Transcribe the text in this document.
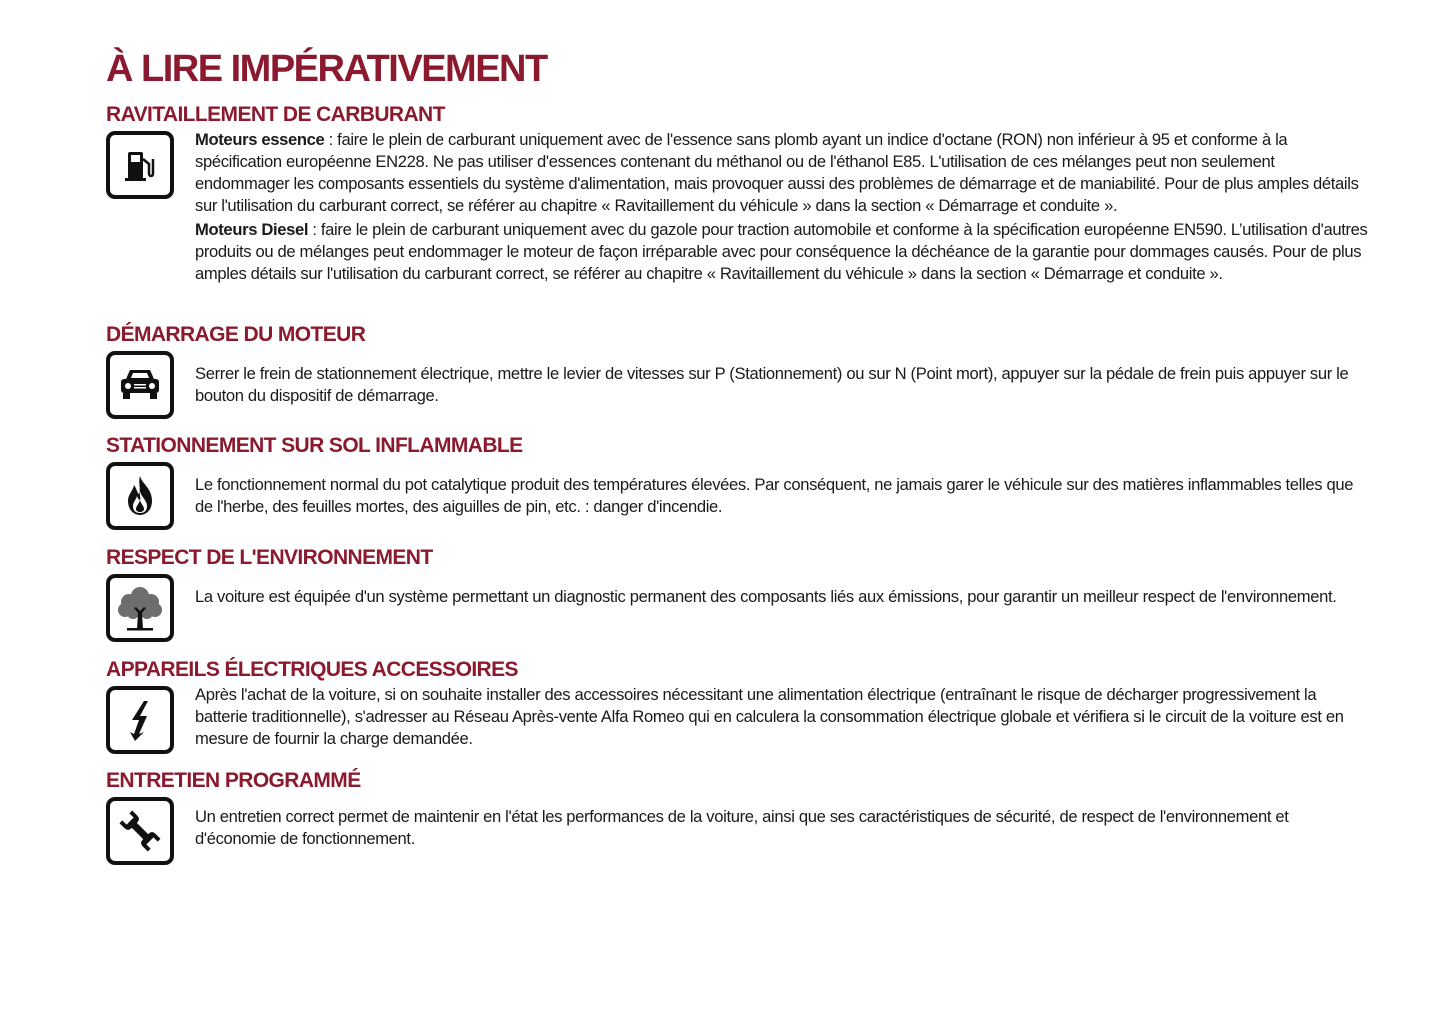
À LIRE IMPÉRATIVEMENT
RAVITAILLEMENT DE CARBURANT

Moteurs essence : faire le plein de carburant uniquement avec de l'essence sans plomb ayant un indice d'octane (RON) non inférieur à 95 et conforme à la spécification européenne EN228. Ne pas utiliser d'essences contenant du méthanol ou de l'éthanol E85. L'utilisation de ces mélanges peut non seulement endommager les composants essentiels du système d'alimentation, mais provoquer aussi des problèmes de démarrage et de maniabilité. Pour de plus amples détails sur l'utilisation du carburant correct, se référer au chapitre « Ravitaillement du véhicule » dans la section « Démarrage et conduite ».

Moteurs Diesel : faire le plein de carburant uniquement avec du gazole pour traction automobile et conforme à la spécification européenne EN590. L’utilisation d'autres produits ou de mélanges peut endommager le moteur de façon irréparable avec pour conséquence la déchéance de la garantie pour dommages causés. Pour de plus amples détails sur l'utilisation du carburant correct, se référer au chapitre « Ravitaillement du véhicule » dans la section « Démarrage et conduite ».

DÉMARRAGE DU MOTEUR
Serrer le frein de stationnement électrique, mettre le levier de vitesses sur P (Stationnement) ou sur N (Point mort), appuyer sur la pédale de frein puis appuyer sur le bouton du dispositif de démarrage.
STATIONNEMENT SUR SOL INFLAMMABLE
Le fonctionnement normal du pot catalytique produit des températures élevées. Par conséquent, ne jamais garer le véhicule sur des matières inflammables telles que de l'herbe, des feuilles mortes, des aiguilles de pin, etc. : danger d'incendie.
RESPECT DE L'ENVIRONNEMENT
La voiture est équipée d'un système permettant un diagnostic permanent des composants liés aux émissions, pour garantir un meilleur respect de l'environnement.
APPAREILS ÉLECTRIQUES ACCESSOIRES
Après l'achat de la voiture, si on souhaite installer des accessoires nécessitant une alimentation électrique (entraînant le risque de décharger progressivement la batterie traditionnelle), s'adresser au Réseau Après-vente Alfa Romeo qui en calculera la consommation électrique globale et vérifiera si le circuit de la voiture est en mesure de fournir la charge demandée.
ENTRETIEN PROGRAMMÉ
Un entretien correct permet de maintenir en l'état les performances de la voiture, ainsi que ses caractéristiques de sécurité, de respect de l'environnement et d'économie de fonctionnement.
